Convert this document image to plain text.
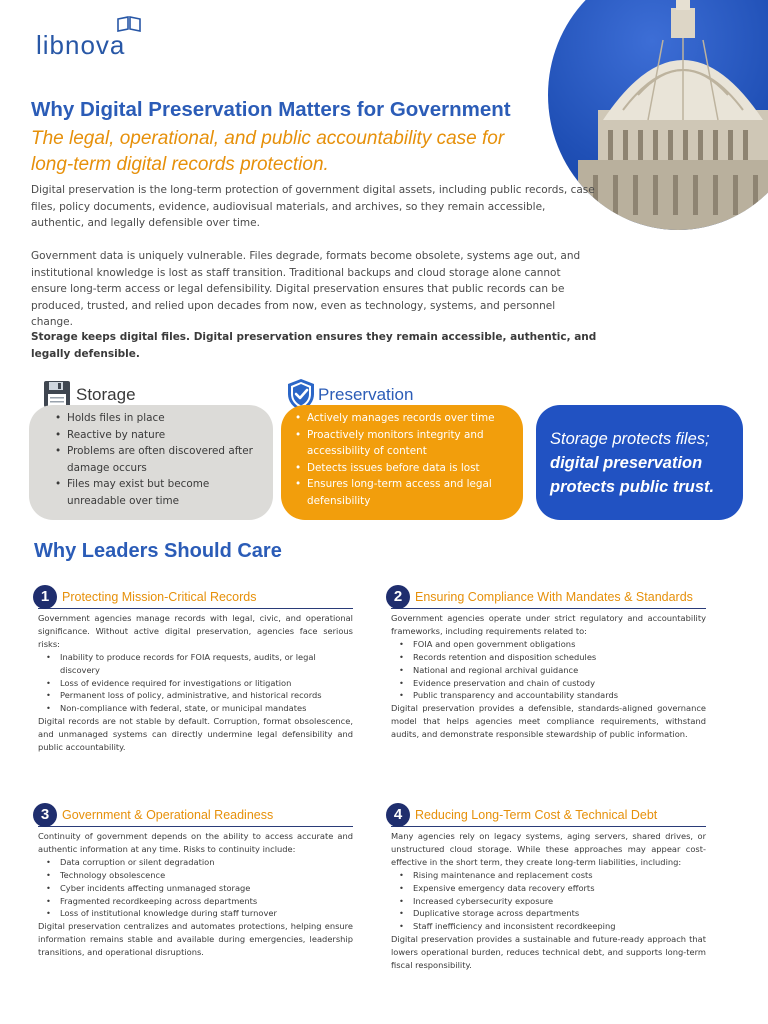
libnova
Why Digital Preservation Matters for Government
The legal, operational, and public accountability case for long-term digital records protection.

Digital preservation is the long-term protection of government digital assets, including public records, case files, policy documents, evidence, audiovisual materials, and archives, so they remain accessible, authentic, and legally defensible over time.

Government data is uniquely vulnerable. Files degrade, formats become obsolete, systems age out, and institutional knowledge is lost as staff transition. Traditional backups and cloud storage alone cannot ensure long-term access or legal defensibility. Digital preservation ensures that public records can be produced, trusted, and relied upon decades from now, even as technology, systems, and personnel change.

Storage keeps digital files. Digital preservation ensures they remain accessible, authentic, and legally defensible.

Storage	Preservation
• Holds files in place
• Reactive by nature
• Problems are often discovered after damage occurs
• Files may exist but become unreadable over time
• Actively manages records over time
• Proactively monitors integrity and accessibility of content
• Detects issues before data is lost
• Ensures long-term access and legal defensibility
Storage protects files;
digital preservation protects public trust.
Why Leaders Should Care
1	Protecting Mission-Critical Records

Government agencies manage records with legal, civic, and operational significance. Without active digital preservation, agencies face serious risks:

• Inability to produce records for FOIA requests, audits, or legal discovery
• Loss of evidence required for investigations or litigation
• Permanent loss of policy, administrative, and historical records
• Non-compliance with federal, state, or municipal mandates

Digital records are not stable by default. Corruption, format obsolescence, and unmanaged systems can directly undermine legal defensibility and public accountability.

2	Ensuring Compliance With Mandates & Standards

Government agencies operate under strict regulatory and accountability frameworks, including requirements related to:

• FOIA and open government obligations
• Records retention and disposition schedules
• National and regional archival guidance
• Evidence preservation and chain of custody
• Public transparency and accountability standards

Digital preservation provides a defensible, standards-aligned governance model that helps agencies meet compliance requirements, withstand audits, and demonstrate responsible stewardship of public information.

3	Government & Operational Readiness

Continuity of government depends on the ability to access accurate and authentic information at any time. Risks to continuity include:

• Data corruption or silent degradation
• Technology obsolescence
• Cyber incidents affecting unmanaged storage
• Fragmented recordkeeping across departments
• Loss of institutional knowledge during staff turnover

Digital preservation centralizes and automates protections, helping ensure information remains stable and available during emergencies, leadership transitions, and operational disruptions.

4	Reducing Long-Term Cost & Technical Debt

Many agencies rely on legacy systems, aging servers, shared drives, or unstructured cloud storage. While these approaches may appear cost-effective in the short term, they create long-term liabilities, including:

• Rising maintenance and replacement costs
• Expensive emergency data recovery efforts
• Increased cybersecurity exposure
• Duplicative storage across departments
• Staff inefficiency and inconsistent recordkeeping

Digital preservation provides a sustainable and future-ready approach that lowers operational burden, reduces technical debt, and supports long-term fiscal responsibility.
